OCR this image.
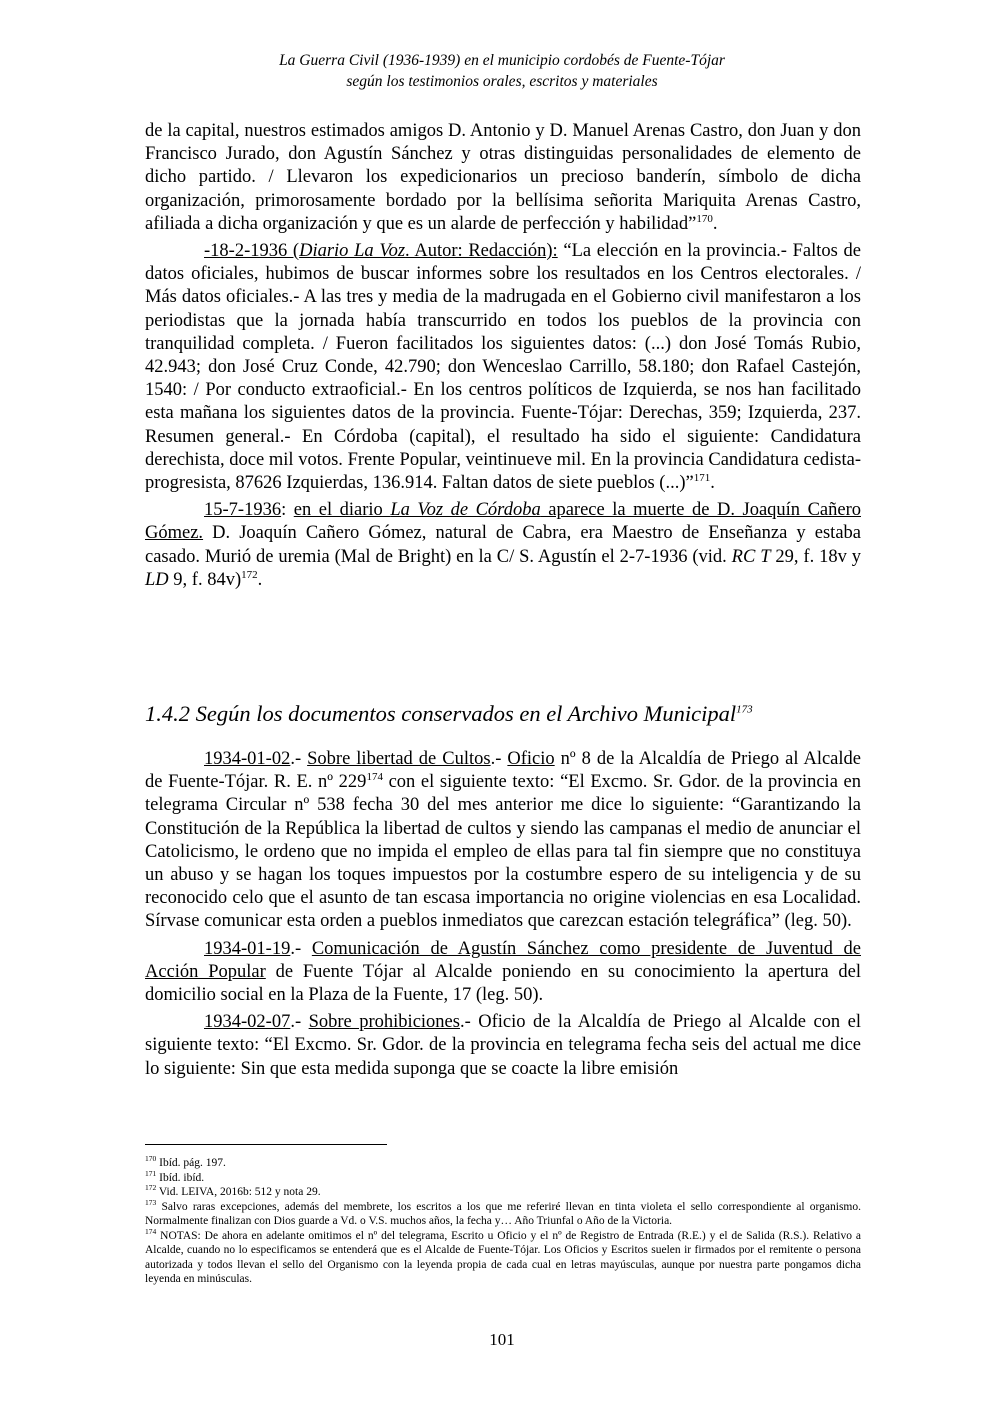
La Guerra Civil (1936-1939) en el municipio cordobés de Fuente-Tójar
según los testimonios orales, escritos y materiales

de la capital, nuestros estimados amigos D. Antonio y D. Manuel Arenas Castro, don Juan y don Francisco Jurado, don Agustín Sánchez y otras distinguidas personalidades de elemento de dicho partido. / Llevaron los expedicionarios un precioso banderín, símbolo de dicha organización, primorosamente bordado por la bellísima señorita Mariquita Arenas Castro, afiliada a dicha organización y que es un alarde de perfección y habilidad”$^{170}$.

-18-2-1936 (Diario La Voz. Autor: Redacción): “La elección en la provincia.- Faltos de datos oficiales, hubimos de buscar informes sobre los resultados en los Centros electorales. / Más datos oficiales.- A las tres y media de la madrugada en el Gobierno civil manifestaron a los periodistas que la jornada había transcurrido en todos los pueblos de la provincia con tranquilidad completa. / Fueron facilitados los siguientes datos: (...) don José Tomás Rubio, 42.943; don José Cruz Conde, 42.790; don Wenceslao Carrillo, 58.180; don Rafael Castejón, 1540: / Por conducto extraoficial.- En los centros políticos de Izquierda, se nos han facilitado esta mañana los siguientes datos de la provincia. Fuente-Tójar: Derechas, 359; Izquierda, 237. Resumen general.- En Córdoba (capital), el resultado ha sido el siguiente: Candidatura derechista, doce mil votos. Frente Popular, veintinueve mil. En la provincia Candidatura cedista-progresista, 87626 Izquierdas, 136.914. Faltan datos de siete pueblos (...)”$^{171}$.

15-7-1936: en el diario La Voz de Córdoba aparece la muerte de D. Joaquín Cañero Gómez. D. Joaquín Cañero Gómez, natural de Cabra, era Maestro de Enseñanza y estaba casado. Murió de uremia (Mal de Bright) en la C/ S. Agustín el 2-7-1936 (vid. RC T 29, f. 18v y LD 9, f. 84v)$^{172}$.

1.4.2 Según los documentos conservados en el Archivo Municipal$^{173}$

1934-01-02.- Sobre libertad de Cultos.- Oficio nº 8 de la Alcaldía de Priego al Alcalde de Fuente-Tójar. R. E. nº $229^{174}$ con el siguiente texto: “El Excmo. Sr. Gdor. de la provincia en telegrama Circular nº 538 fecha 30 del mes anterior me dice lo siguiente: “Garantizando la Constitución de la República la libertad de cultos y siendo las campanas el medio de anunciar el Catolicismo, le ordeno que no impida el empleo de ellas para tal fin siempre que no constituya un abuso y se hagan los toques impuestos por la costumbre espero de su inteligencia y de su reconocido celo que el asunto de tan escasa importancia no origine violencias en esa Localidad. Sírvase comunicar esta orden a pueblos inmediatos que carezcan estación telegráfica” (leg. 50).

1934-01-19.- Comunicación de Agustín Sánchez como presidente de Juventud de Acción Popular de Fuente Tójar al Alcalde poniendo en su conocimiento la apertura del domicilio social en la Plaza de la Fuente, 17 (leg. 50).

1934-02-07.- Sobre prohibiciones.- Oficio de la Alcaldía de Priego al Alcalde con el siguiente texto: “El Excmo. Sr. Gdor. de la provincia en telegrama fecha seis del actual me dice lo siguiente: Sin que esta medida suponga que se coacte la libre emisión

$^{170}$ Ibíd. pág. 197.
$^{171}$ Ibíd. ibíd.
$^{172}$ Vid. LEIVA, 2016b: 512 y nota 29.
$^{173}$ Salvo raras excepciones, además del membrete, los escritos a los que me referiré llevan en tinta violeta el sello correspondiente al organismo. Normalmente finalizan con Dios guarde a Vd. o V.S. muchos años, la fecha y… Año Triunfal o Año de la Victoria.
$^{174}$ NOTAS: De ahora en adelante omitimos el nº del telegrama, Escrito u Oficio y el nº de Registro de Entrada (R.E.) y el de Salida (R.S.). Relativo a Alcalde, cuando no lo especificamos se entenderá que es el Alcalde de Fuente-Tójar. Los Oficios y Escritos suelen ir firmados por el remitente o persona autorizada y todos llevan el sello del Organismo con la leyenda propia de cada cual en letras mayúsculas, aunque por nuestra parte pongamos dicha leyenda en minúsculas.
101
